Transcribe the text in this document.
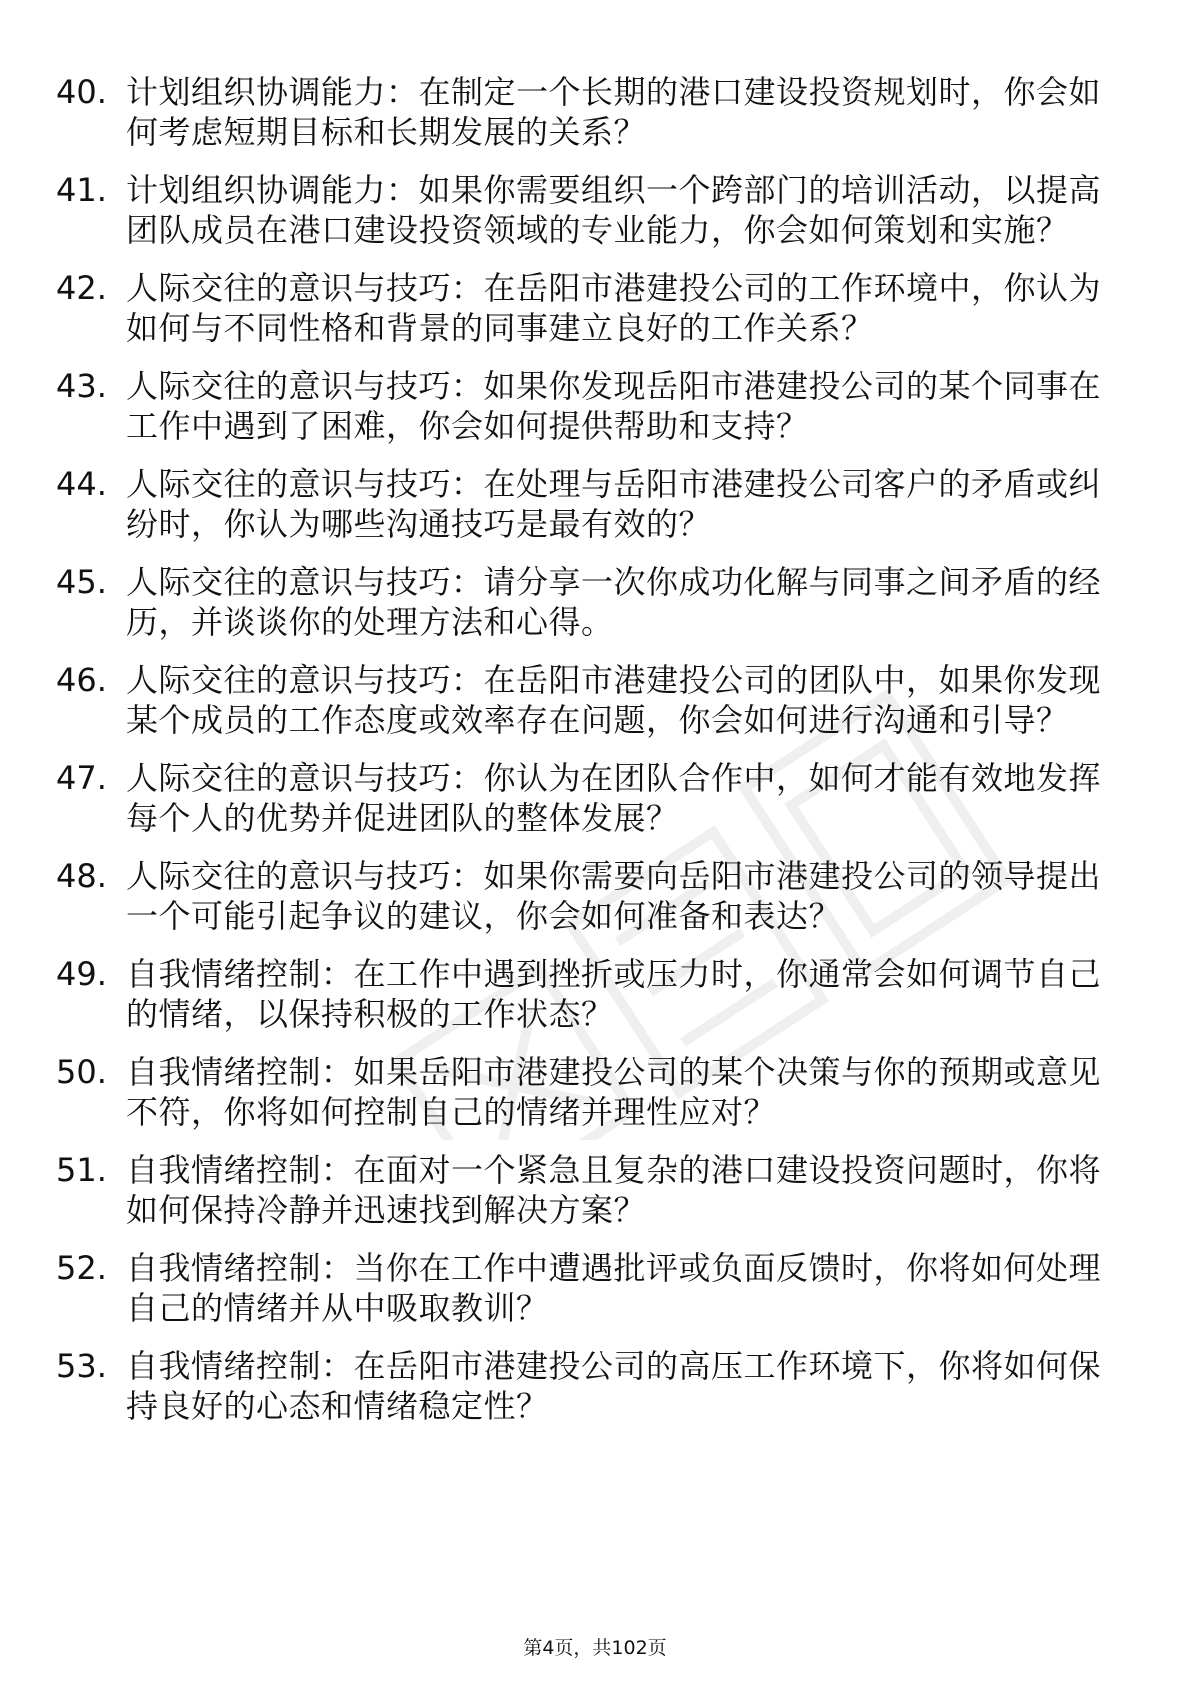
40. 计划组织协调能力：在制定一个长期的港口建设投资规划时，你会如何考虑短期目标和长期发展的关系？
41. 计划组织协调能力：如果你需要组织一个跨部门的培训活动，以提高团队成员在港口建设投资领域的专业能力，你会如何策划和实施？
42. 人际交往的意识与技巧：在岳阳市港建投公司的工作环境中，你认为如何与不同性格和背景的同事建立良好的工作关系？
43. 人际交往的意识与技巧：如果你发现岳阳市港建投公司的某个同事在工作中遇到了困难，你会如何提供帮助和支持？
44. 人际交往的意识与技巧：在处理与岳阳市港建投公司客户的矛盾或纠纷时，你认为哪些沟通技巧是最有效的？
45. 人际交往的意识与技巧：请分享一次你成功化解与同事之间矛盾的经历，并谈谈你的处理方法和心得。
46. 人际交往的意识与技巧：在岳阳市港建投公司的团队中，如果你发现某个成员的工作态度或效率存在问题，你会如何进行沟通和引导？
47. 人际交往的意识与技巧：你认为在团队合作中，如何才能有效地发挥每个人的优势并促进团队的整体发展？
48. 人际交往的意识与技巧：如果你需要向岳阳市港建投公司的领导提出一个可能引起争议的建议，你会如何准备和表达？
49. 自我情绪控制：在工作中遇到挫折或压力时，你通常会如何调节自己的情绪，以保持积极的工作状态？
50. 自我情绪控制：如果岳阳市港建投公司的某个决策与你的预期或意见不符，你将如何控制自己的情绪并理性应对？
51. 自我情绪控制：在面对一个紧急且复杂的港口建设投资问题时，你将如何保持冷静并迅速找到解决方案？
52. 自我情绪控制：当你在工作中遭遇批评或负面反馈时，你将如何处理自己的情绪并从中吸取教训？
53. 自我情绪控制：在岳阳市港建投公司的高压工作环境下，你将如何保持良好的心态和情绪稳定性？
第4页，共102页
